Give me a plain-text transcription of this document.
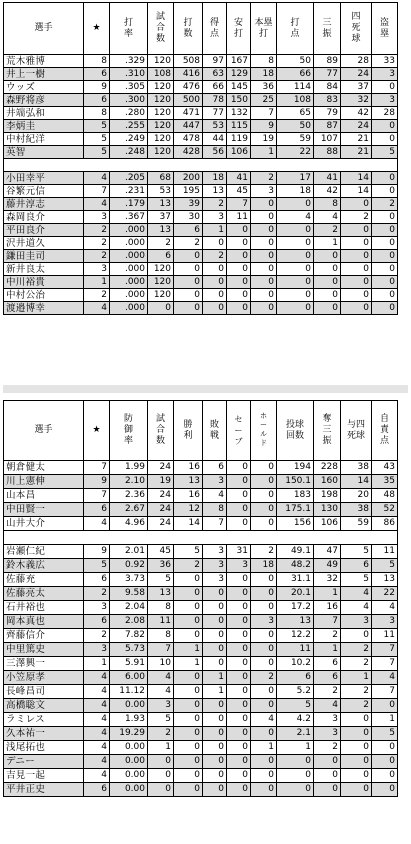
選手	★	打率	試合数	打数	得点	安打	本塁打	打点	三振	四死球	盗塁
荒木雅博	8	.329	120	508	97	167	8	50	89	28	33
井上一樹	6	.310	108	416	63	129	18	66	77	24	3
ウッズ	9	.305	120	476	66	145	36	114	84	37	0
森野将彦	6	.300	120	500	78	150	25	108	83	32	3
井端弘和	8	.280	120	471	77	132	7	65	79	42	28
李炳圭	5	.255	120	447	53	115	9	50	87	24	0
中村紀洋	5	.249	120	478	44	119	19	59	107	21	0
英智	5	.248	120	428	56	106	1	22	88	21	5

小田幸平	4	.205	68	200	18	41	2	17	41	14	0
谷繁元信	7	.231	53	195	13	45	3	18	42	14	0
藤井淳志	4	.179	13	39	2	7	0	0	8	0	2
森岡良介	3	.367	37	30	3	11	0	4	4	2	0
平田良介	2	.000	13	6	1	0	0	0	2	0	0
沢井道久	2	.000	2	2	0	0	0	0	1	0	0
鎌田圭司	2	.000	6	0	2	0	0	0	0	0	0
新井良太	3	.000	120	0	0	0	0	0	0	0	0
中川裕貴	1	.000	120	0	0	0	0	0	0	0	0
中村公治	2	.000	120	0	0	0	0	0	0	0	0
渡邉博幸	4	.000	0	0	0	0	0	0	0	0	0
選手	★	防御率	試合数	勝利	敗戦	セーブ	ホールド	投球回数	奪三振	与四死球	自責点
朝倉健太	7	1.99	24	16	6	0	0	194	228	38	43
川上憲伸	9	2.10	19	13	3	0	0	150.1	160	14	35
山本昌	7	2.36	24	16	4	0	0	183	198	20	48
中田賢一	6	2.67	24	12	8	0	0	175.1	130	38	52
山井大介	4	4.96	24	14	7	0	0	156	106	59	86

岩瀬仁紀	9	2.01	45	5	3	31	2	49.1	47	5	11
鈴木義広	5	0.92	36	2	3	3	18	48.2	49	6	5
佐藤充	6	3.73	5	0	3	0	0	31.1	32	5	13
佐藤亮太	2	9.58	13	0	0	0	0	20.1	1	4	22
石井裕也	3	2.04	8	0	0	0	0	17.2	16	4	4
岡本真也	6	2.08	11	0	0	0	3	13	7	3	3
齊藤信介	2	7.82	8	0	0	0	0	12.2	2	0	11
中里篤史	3	5.73	7	1	0	0	0	11	1	2	7
三澤興一	1	5.91	10	1	0	0	0	10.2	6	2	7
小笠原孝	4	6.00	4	0	1	0	2	6	6	1	4
長峰昌司	4	11.12	4	0	1	0	0	5.2	2	2	7
高橋聡文	4	0.00	3	0	0	0	0	5	4	2	0
ラミレス	4	1.93	5	0	0	0	4	4.2	3	0	1
久本祐一	4	19.29	2	0	0	0	0	2.1	3	0	5
浅尾拓也	4	0.00	1	0	0	0	1	1	2	0	0
デニー	4	0.00	0	0	0	0	0	0	0	0	0
吉見一起	4	0.00	0	0	0	0	0	0	0	0	0
平井正史	6	0.00	0	0	0	0	0	0	0	0	0
